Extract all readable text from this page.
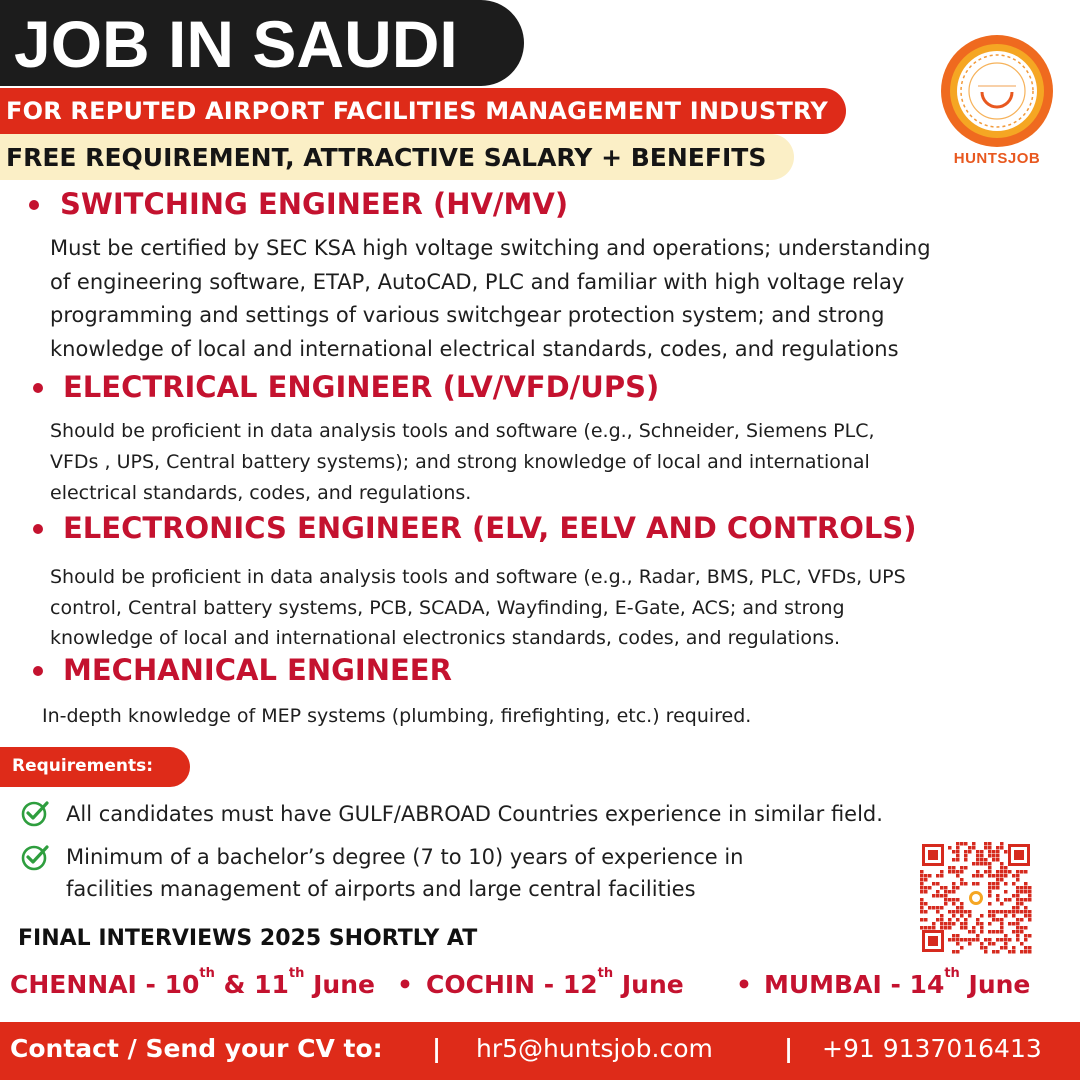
JOB IN SAUDI
FOR REPUTED AIRPORT FACILITIES MANAGEMENT INDUSTRY
FREE REQUIREMENT, ATTRACTIVE SALARY + BENEFITS	HUNTSJOB
SWITCHING ENGINEER (HV/MV)
Must be certified by SEC KSA high voltage switching and operations; understanding
of engineering software, ETAP, AutoCAD, PLC and familiar with high voltage relay
programming and settings of various switchgear protection system; and strong
knowledge of local and international electrical standards, codes, and regulations
ELECTRICAL ENGINEER (LV/VFD/UPS)
Should be proficient in data analysis tools and software (e.g., Schneider, Siemens PLC,
VFDs , UPS, Central battery systems); and strong knowledge of local and international
electrical standards, codes, and regulations.
ELECTRONICS ENGINEER (ELV, EELV AND CONTROLS)
Should be proficient in data analysis tools and software (e.g., Radar, BMS, PLC, VFDs, UPS
control, Central battery systems, PCB, SCADA, Wayfinding, E-Gate, ACS; and strong
knowledge of local and international electronics standards, codes, and regulations.
MECHANICAL ENGINEER
In-depth knowledge of MEP systems (plumbing, firefighting, etc.) required.
Requirements:
All candidates must have GULF/ABROAD Countries experience in similar field.
Minimum of a bachelor’s degree (7 to 10) years of experience in
facilities management of airports and large central facilities
FINAL INTERVIEWS 2025 SHORTLY AT
CHENNAI - 10th & 11th June • COCHIN - 12th June • MUMBAI - 14th June
Contact / Send your CV to: | hr5@huntsjob.com	| +91 9137016413
